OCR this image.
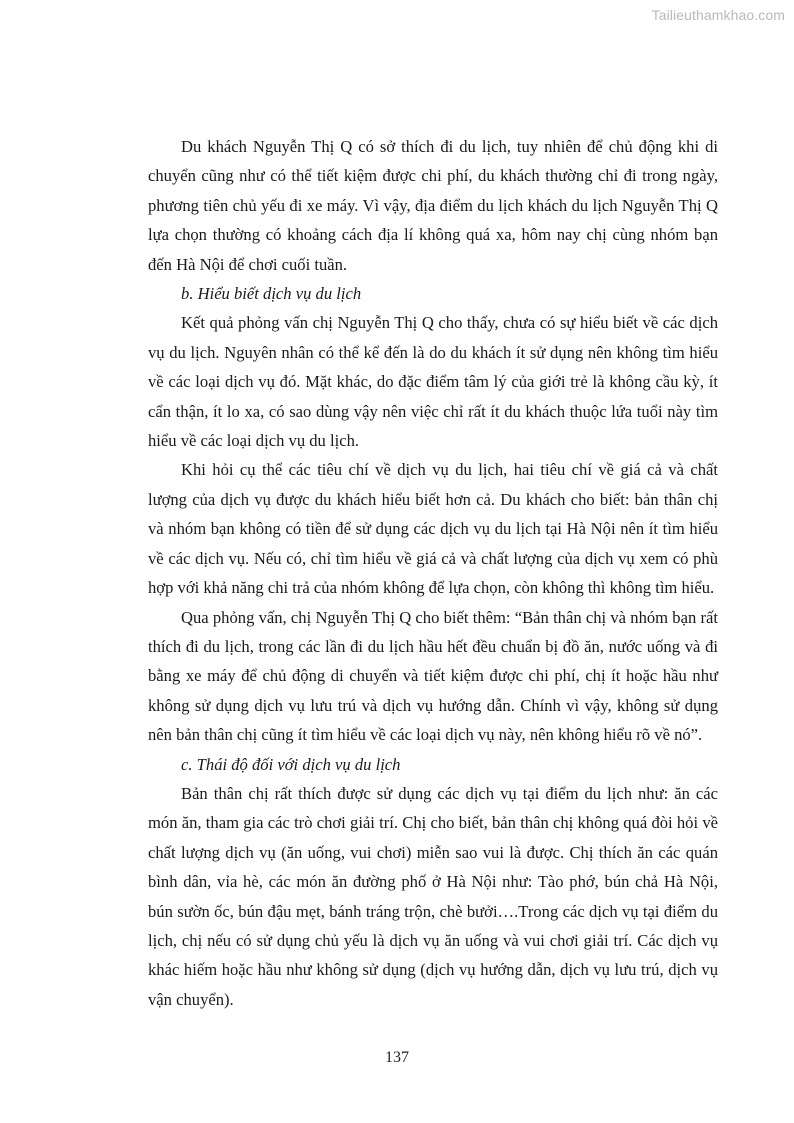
Tailieuthamkhao.com

Du khách Nguyễn Thị Q có sở thích đi du lịch, tuy nhiên để chủ động khi di chuyển cũng như có thể tiết kiệm được chi phí, du khách thường chỉ đi trong ngày, phương tiên chủ yếu đi xe máy. Vì vậy, địa điểm du lịch khách du lịch Nguyễn Thị Q lựa chọn thường có khoảng cách địa lí không quá xa, hôm nay chị cùng nhóm bạn đến Hà Nội để chơi cuối tuần.

b. Hiểu biết dịch vụ du lịch

Kết quả phỏng vấn chị Nguyễn Thị Q cho thấy, chưa có sự hiểu biết về các dịch vụ du lịch. Nguyên nhân có thể kể đến là do du khách ít sử dụng nên không tìm hiểu về các loại dịch vụ đó. Mặt khác, do đặc điểm tâm lý của giới trẻ là không cầu kỳ, ít cẩn thận, ít lo xa, có sao dùng vậy nên việc chỉ rất ít du khách thuộc lứa tuổi này tìm hiểu về các loại dịch vụ du lịch.

Khi hỏi cụ thể các tiêu chí về dịch vụ du lịch, hai tiêu chí về giá cả và chất lượng của dịch vụ được du khách hiểu biết hơn cả. Du khách cho biết: bản thân chị và nhóm bạn không có tiền để sử dụng các dịch vụ du lịch tại Hà Nội nên ít tìm hiểu về các dịch vụ. Nếu có, chỉ tìm hiểu về giá cả và chất lượng của dịch vụ xem có phù hợp với khả năng chi trả của nhóm không để lựa chọn, còn không thì không tìm hiểu.

Qua phỏng vấn, chị Nguyễn Thị Q cho biết thêm: “Bản thân chị và nhóm bạn rất thích đi du lịch, trong các lần đi du lịch hầu hết đều chuẩn bị đồ ăn, nước uống và đi bằng xe máy để chủ động di chuyển và tiết kiệm được chi phí, chị ít hoặc hầu như không sử dụng dịch vụ lưu trú và dịch vụ hướng dẫn. Chính vì vậy, không sử dụng nên bản thân chị cũng ít tìm hiểu về các loại dịch vụ này, nên không hiểu rõ về nó”.

c. Thái độ đối với dịch vụ du lịch

Bản thân chị rất thích được sử dụng các dịch vụ tại điểm du lịch như: ăn các món ăn, tham gia các trò chơi giải trí. Chị cho biết, bản thân chị không quá đòi hỏi về chất lượng dịch vụ (ăn uống, vui chơi) miễn sao vui là được. Chị thích ăn các quán bình dân, vỉa hè, các món ăn đường phố ở Hà Nội như: Tào phớ, bún chả Hà Nội, bún sườn ốc, bún đậu mẹt, bánh tráng trộn, chè bưởi….Trong các dịch vụ tại điểm du lịch, chị nếu có sử dụng chủ yếu là dịch vụ ăn uống và vui chơi giải trí. Các dịch vụ khác hiếm hoặc hầu như không sử dụng (dịch vụ hướng dẫn, dịch vụ lưu trú, dịch vụ vận chuyển).

137
